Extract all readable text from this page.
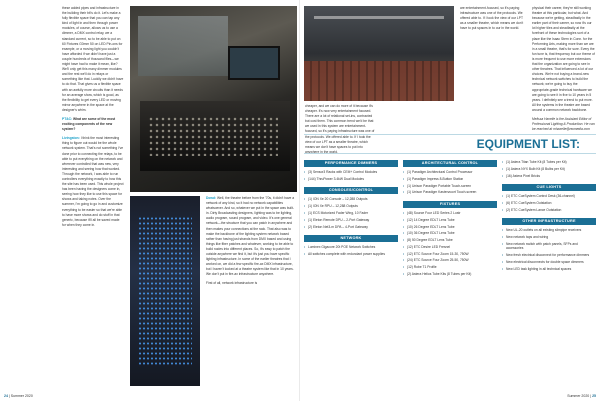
these added pipes and infrastructure in the building their bit's do it. Let's make a fully flexible space that you can tap any kind of light in and then through power modules, of course, allows us to use a dimmer, a DMX control relay, we a standard current, so to be able to put on 60 Fixtures G0mm 50 on LED Pin-ons for example, or a moving light you couldn't have afforded if we didn't have just a couple hundreds of thousand files—we might have had to make it mean, like? We'll only get this many dimmer modules and the rest we'll do in relays or something like that. Luckily we didn't have to do that. That gives us a flexible space with an awfully more circuits than it needs for an average show, which is good, as the flexibility to get every LED or moving mirror anywhere in the space at the designer's whim.

PT&C: What are some of the most exciting components of the new system?

Livingston: I think the most interesting thing to figure out would be the whole network system. That's not something I've done prior to connecting the relays, to be able to put everything on the network and wherever controlled that was new, very interesting and seeing how that worked. Through the network, I was able to run controllers everything exactly to how this the site has been used. This whole project has been having the designers come in, seeing how they like to use this space for shows and taking notes. Over the summer, I'm going to go in and customize everything to be easier so that we're able to have more shows and do stuff in that generic, because it'll all be saved made for when they come in.

Dowd: Well, the theatre before from the '70s, it didn't have a network of any kind, so it had no network capabilities whatsoever. And so, whatever we put in the space was built-in. Dirty Broadcasting designers, lighting was to be lighting, audio program, sound program, and video. It's one general network—the structure that you can patch in anywhere and then makes your connections at the rack. That also was to make the backbone of the lighting system network based rather than having just strands from DMX based and using things like fiber patches and whatever, working to be able to build nodes into different places. So, it's easy to patch the outside anywhere we find it, but it's just you have specific lighting infrastructure. In some of the earlier theatres that I worked on, we did a few specific fire-ax DMX infrastructure, but I haven't looked at a theatre system like that in 10 years. We don't put in fire-ax infrastructure anywhere.

First of all, network infrastructure is

24 | Summer 2020

are entertainment-focused, so it's paying infrastructure was one of the protocols. We offered able to. If I took the view of our LPT as a smaller theatre, which means we don't have to put spaces in to our in the world.

physical their career, they're still working theatre at this particular, but what. And because we're getting, steadfastly in the earlier part of their career, so now it's our lot higher tiles and steadfastly at the forefront of these technologies sort of a place like the Isaac Stern in Conn. for the Performing Arts, making more than we are in a small theatre, that's for sure. Every the fun tune is, that frequency but our theme of is more frequent to use more extensions that the organization are going to see in other theatres. That influenced a lot of our choices. We're not buying a brand-new technical network switches to build the network; we're going to buy the appropriate-grade technical hardware we are going to see it in five to 10 years in 5 years. I definitely see a trend to put more. All the systems in the theatre are based around a common network backbone.

Melissa Haxelle is the Assistant Editor of Professional Lighting & Production. He can be reached at mhaxelle@nwmedia.com

cheaper, and we can do more of it because it's cheaper. It's now very entertainment focused. There are a lot of relational set-ins, contracted but cost them. This common trend we'd be that we used in this system are entertainment-focused, so it's paying infrastructure was one of the protocols. We offered able to. If I took the view of our LPT as a smaller theatre, which means we don't have spaces to put into anywhere in the world.

EQUIPMENT LIST:
PERFORMANCE DIMMERS
• (3) Sensor3 Racks with CEM+ Control Modules
• (144) ThruPower 3.4kW Dual Modules
CONSOLES/CONTROL
• (1) ION Xe 20 Console – 12,288 Outputs
• (1) ION Xe RPU – 12,288 Outputs
• (1) ECS Motorized Fader Wing, 10 Fader
• (1) Eleton Remote DPU – 2-Port Gateway
• (2) Eleton Net3-m DPA – 4-Port Gateway
NETWORK
• Luminex Gigacore 20t POE Network Switches
• All switches complete with redundant power supplies
ARCHITECTURAL CONTROL
• (1) Paradigm Architectural Control Processor
• (1) Paradigm Impress 8-Button Station
• (1) Unison Paradigm Portable Touch-screen
• (1) Unison Paradigm Kastenzuort Touch-screen
FIXTURES
• (48) Source Four LED Series 2 Lustr
• (12) 14 Degree EDLT Lens Tube
• (10) 26 Degree EDLT Lens Tube
• (10) 36 Degree EDLT Lens Tube
• (8) 50 Degree EDLT Lens Tube
• (12) ETC Desire LED Fresnel
• (12) ETC Source Four Zoom 15-30, 750W
• (24) ETC Source Four Zoom 25-50, 750W
• (12) Robe T1 Profile
• (2) Astera Helios Tube Kits (8 Tubes per Kit)
• (1) Astera Titan Tube Kit (8 Tubes per Kit)
• (1) Astera NYX Bulb Kit (8 Bulbs per Kit)
• (16) Astera Pixel Bricks
CUE LIGHTS
• (1) ETC CueSystem Control Desk (36-channel)
• (6) ETC CueSystem Outstation
• (2) ETC CueSystem Lance Outstation
OTHER INFRASTRUCTURE
• New UL-20 outlets on all existing slimpipe receivers
• New network taps and wiring
• New network switch with patch panels, SFPs and accessories
• New fresh electrical disconnect for performance dimmers
• New electrical disconnects for double space dimmers
• New LED task lighting in all technical spaces
Summer 2020 | 25
